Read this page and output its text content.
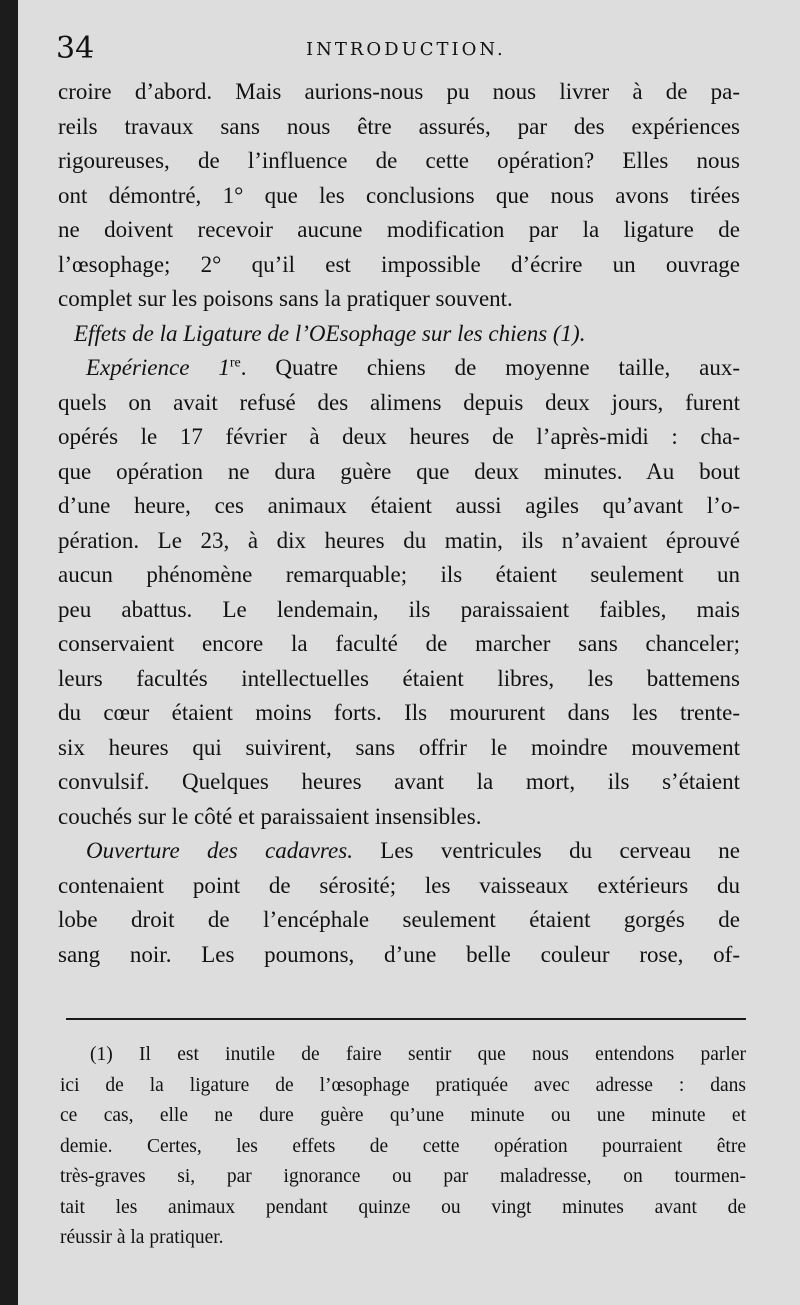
34	INTRODUCTION.
croire d’abord. Mais aurions-nous pu nous livrer à de pa-
reils travaux sans nous être assurés, par des expériences
rigoureuses, de l’influence de cette opération? Elles nous
ont démontré, 1° que les conclusions que nous avons tirées
ne doivent recevoir aucune modification par la ligature de
l’œsophage; 2° qu’il est impossible d’écrire un ouvrage
complet sur les poisons sans la pratiquer souvent.
Effets de la Ligature de l’OEsophage sur les chiens (1).
Expérience 1re. Quatre chiens de moyenne taille, aux-
quels on avait refusé des alimens depuis deux jours, furent
opérés le 17 février à deux heures de l’après-midi : cha-
que opération ne dura guère que deux minutes. Au bout
d’une heure, ces animaux étaient aussi agiles qu’avant l’o-
pération. Le 23, à dix heures du matin, ils n’avaient éprouvé
aucun phénomène remarquable; ils étaient seulement un
peu abattus. Le lendemain, ils paraissaient faibles, mais
conservaient encore la faculté de marcher sans chanceler;
leurs facultés intellectuelles étaient libres, les battemens
du cœur étaient moins forts. Ils moururent dans les trente-
six heures qui suivirent, sans offrir le moindre mouvement
convulsif. Quelques heures avant la mort, ils s’étaient
couchés sur le côté et paraissaient insensibles.
Ouverture des cadavres. Les ventricules du cerveau ne
contenaient point de sérosité; les vaisseaux extérieurs du
lobe droit de l’encéphale seulement étaient gorgés de
sang noir. Les poumons, d’une belle couleur rose, of-
(1) Il est inutile de faire sentir que nous entendons parler
ici de la ligature de l’œsophage pratiquée avec adresse : dans
ce cas, elle ne dure guère qu’une minute ou une minute et
demie. Certes, les effets de cette opération pourraient être
très-graves si, par ignorance ou par maladresse, on tourmen-
tait les animaux pendant quinze ou vingt minutes avant de
réussir à la pratiquer.
